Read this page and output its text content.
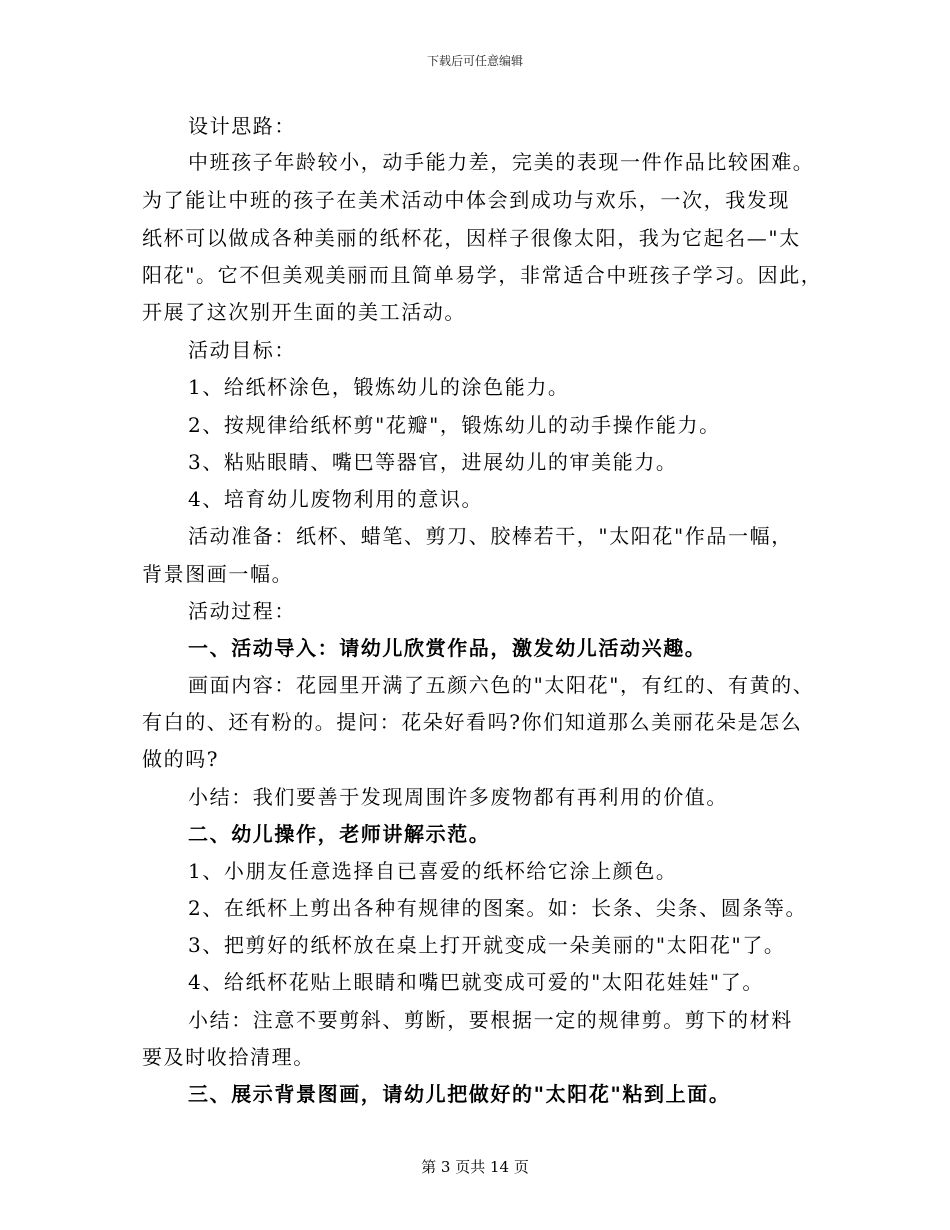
下载后可任意编辑
设计思路：
中班孩子年龄较小，动手能力差，完美的表现一件作品比较困难。
为了能让中班的孩子在美术活动中体会到成功与欢乐，一次，我发现
纸杯可以做成各种美丽的纸杯花，因样子很像太阳，我为它起名—"太
阳花"。它不但美观美丽而且简单易学，非常适合中班孩子学习。因此，
开展了这次别开生面的美工活动。
活动目标：
1、给纸杯涂色，锻炼幼儿的涂色能力。
2、按规律给纸杯剪"花瓣"，锻炼幼儿的动手操作能力。
3、粘贴眼睛、嘴巴等器官，进展幼儿的审美能力。
4、培育幼儿废物利用的意识。
活动准备：纸杯、蜡笔、剪刀、胶棒若干，"太阳花"作品一幅，
背景图画一幅。
活动过程：
一、活动导入：请幼儿欣赏作品，激发幼儿活动兴趣。
画面内容：花园里开满了五颜六色的"太阳花"，有红的、有黄的、
有白的、还有粉的。提问：花朵好看吗?你们知道那么美丽花朵是怎么
做的吗?
小结：我们要善于发现周围许多废物都有再利用的价值。
二、幼儿操作，老师讲解示范。
1、小朋友任意选择自已喜爱的纸杯给它涂上颜色。
2、在纸杯上剪出各种有规律的图案。如：长条、尖条、圆条等。
3、把剪好的纸杯放在桌上打开就变成一朵美丽的"太阳花"了。
4、给纸杯花贴上眼睛和嘴巴就变成可爱的"太阳花娃娃"了。
小结：注意不要剪斜、剪断，要根据一定的规律剪。剪下的材料
要及时收拾清理。
三、展示背景图画，请幼儿把做好的"太阳花"粘到上面。
第 3 页共 14 页
